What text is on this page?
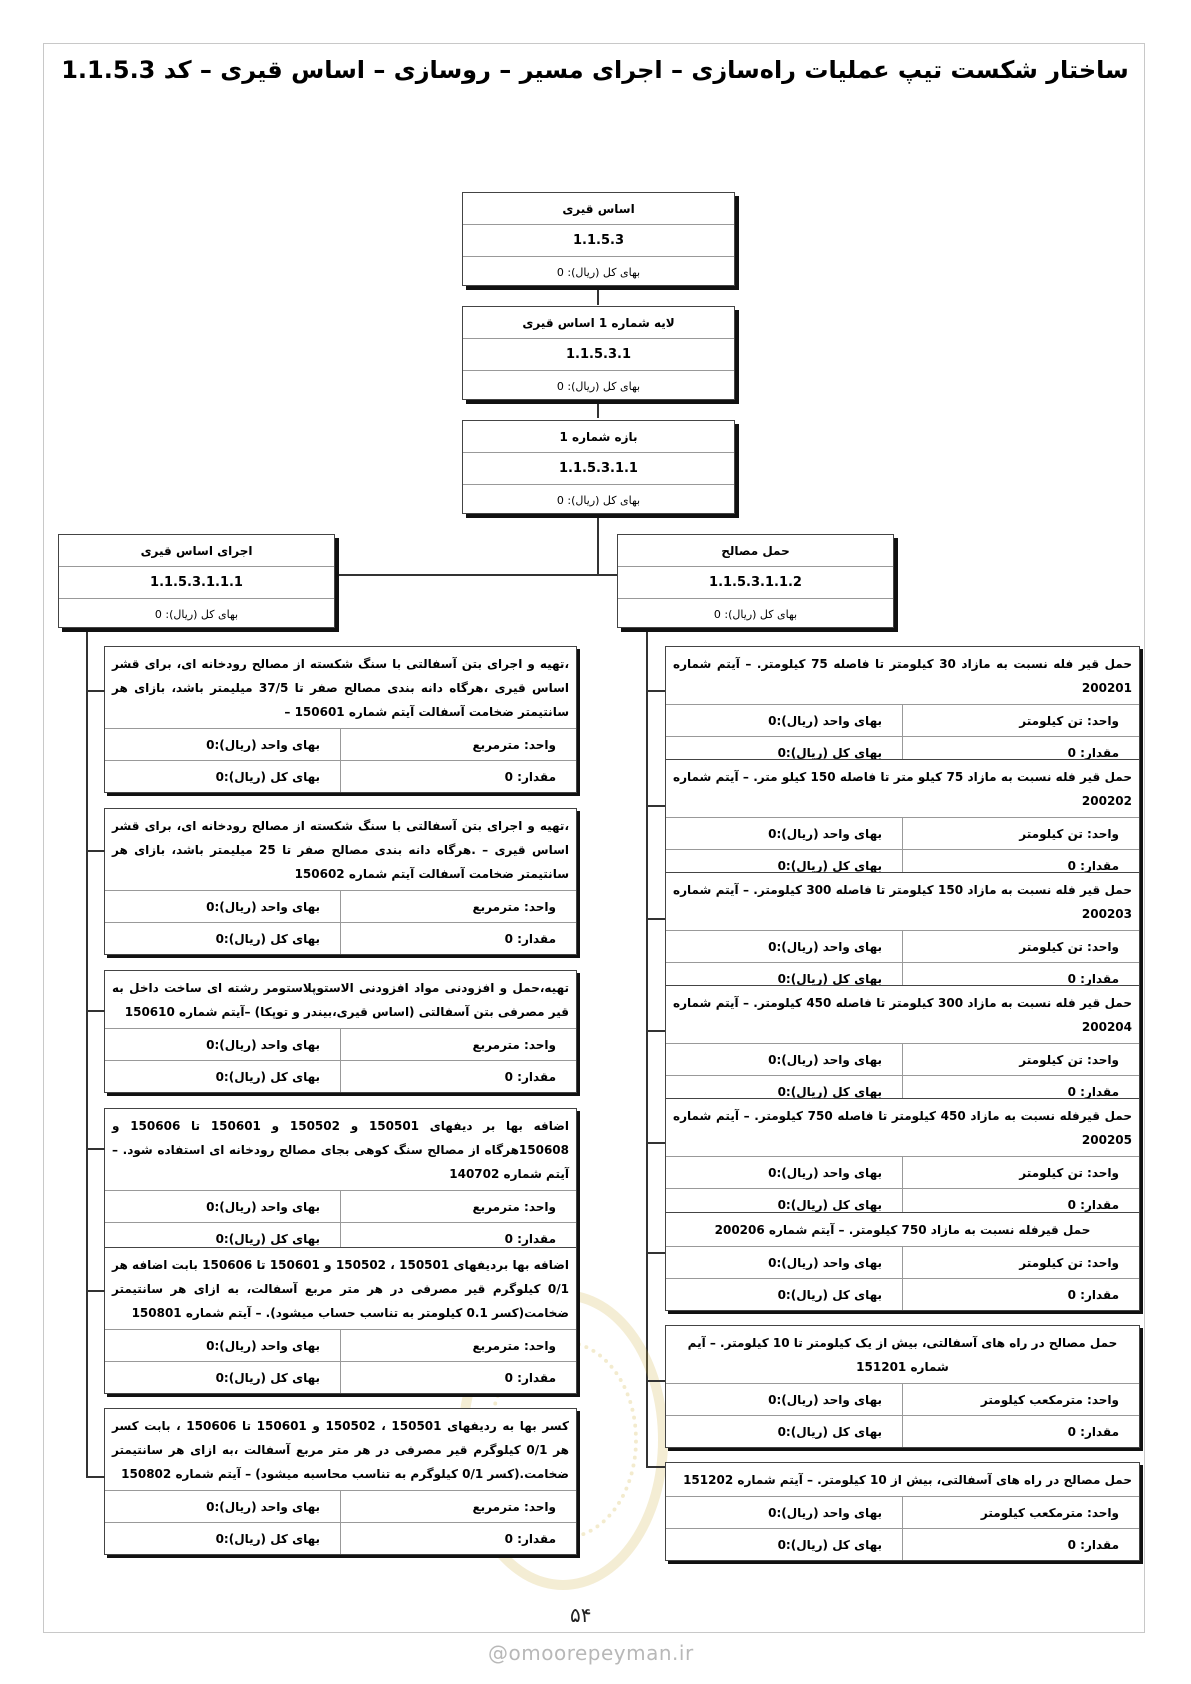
ساختار شکست تیپ عملیات راه‌سازی – اجرای مسیر – روسازی – اساس قیری – کد 1.1.5.3
اساس قیری
1.1.5.3
بهای کل (ریال): 0
لایه شماره 1 اساس قیری
1.1.5.3.1
بهای کل (ریال): 0
بازه شماره 1
1.1.5.3.1.1
بهای کل (ریال): 0
اجرای اساس قیری
1.1.5.3.1.1.1
بهای کل (ریال): 0
حمل مصالح
1.1.5.3.1.1.2
بهای کل (ریال): 0
۵۴
@omoorepeyman.ir
،تهیه و اجرای بتن آسفالتی با سنگ شکسته از مصالح رودخانه ای، برای قشر اساس قیری ،هرگاه دانه بندی مصالح صفر تا 37/5 میلیمتر باشد، بازای هر سانتیمتر ضخامت آسفالت آیتم شماره 150601 –
واحد: مترمربع
بهای واحد (ریال):0
مقدار: 0
بهای کل (ریال):0
،تهیه و اجرای بتن آسفالتی با سنگ شکسته از مصالح رودخانه ای، برای قشر اساس قیری – .هرگاه دانه بندی مصالح صفر تا 25 میلیمتر باشد، بازای هر سانتیمتر ضخامت آسفالت آیتم شماره 150602
واحد: مترمربع
بهای واحد (ریال):0
مقدار: 0
بهای کل (ریال):0
تهیه،حمل و افزودنی مواد افزودنی الاستوپلاستومر رشته ای ساخت داخل به قیر مصرفی بتن آسفالتی (اساس قیری،بیندر و توپکا) –آیتم شماره 150610
واحد: مترمربع
بهای واحد (ریال):0
مقدار: 0
بهای کل (ریال):0
اضافه بها بر دیفهای 150501 و 150502 و 150601 تا 150606 و 150608هرگاه از مصالح سنگ کوهی بجای مصالح رودخانه ای استفاده شود. – آیتم شماره 140702
واحد: مترمربع
بهای واحد (ریال):0
مقدار: 0
بهای کل (ریال):0
اضافه بها بردیفهای 150501 ، 150502 و 150601 تا 150606 بابت اضافه هر 0/1 کیلوگرم قیر مصرفی در هر متر مربع آسفالت، به ازای هر سانتیمتر ضخامت(کسر 0.1 کیلومتر به تناسب حساب میشود). – آیتم شماره 150801
واحد: مترمربع
بهای واحد (ریال):0
مقدار: 0
بهای کل (ریال):0
کسر بها به ردیفهای 150501 ، 150502 و 150601 تا 150606 ، بابت کسر هر 0/1 کیلوگرم قیر مصرفی در هر متر مربع آسفالت ،به ازای هر سانتیمتر ضخامت.(کسر 0/1 کیلوگرم به تناسب محاسبه میشود) – آیتم شماره 150802
واحد: مترمربع
بهای واحد (ریال):0
مقدار: 0
بهای کل (ریال):0
حمل قیر فله نسبت به مازاد 30 کیلومتر تا فاصله 75 کیلومتر. – آیتم شماره 200201
واحد: تن کیلومتر
بهای واحد (ریال):0
مقدار: 0
بهای کل (ریال):0
حمل قیر فله نسبت به مازاد 75 کیلو متر تا فاصله 150 کیلو متر. – آیتم شماره 200202
واحد: تن کیلومتر
بهای واحد (ریال):0
مقدار: 0
بهای کل (ریال):0
حمل قیر فله نسبت به مازاد 150 کیلومتر تا فاصله 300 کیلومتر. – آیتم شماره 200203
واحد: تن کیلومتر
بهای واحد (ریال):0
مقدار: 0
بهای کل (ریال):0
حمل قیر فله نسبت به مازاد 300 کیلومتر تا فاصله 450 کیلومتر. – آیتم شماره 200204
واحد: تن کیلومتر
بهای واحد (ریال):0
مقدار: 0
بهای کل (ریال):0
حمل قیرفله نسبت به مازاد 450 کیلومتر تا فاصله 750 کیلومتر. – آیتم شماره 200205
واحد: تن کیلومتر
بهای واحد (ریال):0
مقدار: 0
بهای کل (ریال):0
حمل قیرفله نسبت به مازاد 750 کیلومتر. – آیتم شماره 200206
واحد: تن کیلومتر
بهای واحد (ریال):0
مقدار: 0
بهای کل (ریال):0
حمل مصالح در راه های آسفالتی، بیش از یک کیلومتر تا 10 کیلومتر. – آیم شماره 151201
واحد: مترمکعب کیلومتر
بهای واحد (ریال):0
مقدار: 0
بهای کل (ریال):0
حمل مصالح در راه های آسفالتی، بیش از 10 کیلومتر. – آیتم شماره 151202
واحد: مترمکعب کیلومتر
بهای واحد (ریال):0
مقدار: 0
بهای کل (ریال):0
